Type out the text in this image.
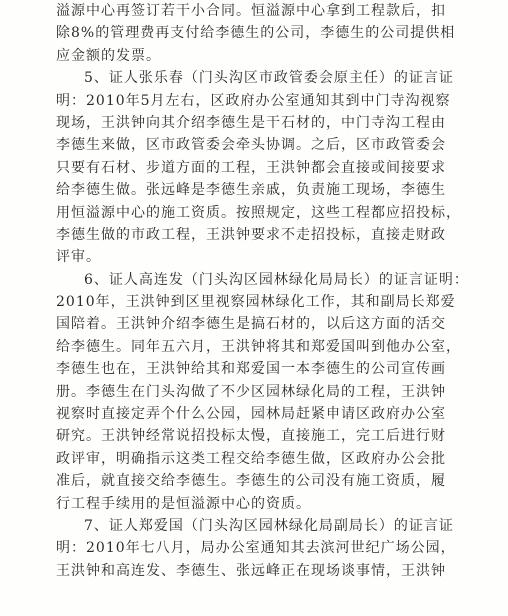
溢源中心再签订若干小合同。恒溢源中心拿到工程款后，扣
除8%的管理费再支付给李德生的公司，李德生的公司提供相
应金额的发票。
5、证人张乐春（门头沟区市政管委会原主任）的证言证
明：2010年5月左右，区政府办公室通知其到中门寺沟视察
现场，王洪钟向其介绍李德生是干石材的，中门寺沟工程由
李德生来做，区市政管委会牵头协调。之后，区市政管委会
只要有石材、步道方面的工程，王洪钟都会直接或间接要求
给李德生做。张远峰是李德生亲戚，负责施工现场，李德生
用恒溢源中心的施工资质。按照规定，这些工程都应招投标，
李德生做的市政工程，王洪钟要求不走招投标，直接走财政
评审。
6、证人高连发（门头沟区园林绿化局局长）的证言证明：
2010年，王洪钟到区里视察园林绿化工作，其和副局长郑爱
国陪着。王洪钟介绍李德生是搞石材的，以后这方面的活交
给李德生。同年五六月，王洪钟将其和郑爱国叫到他办公室，
李德生也在，王洪钟给其和郑爱国一本李德生的公司宣传画
册。李德生在门头沟做了不少区园林绿化局的工程，王洪钟
视察时直接定弄个什么公园，园林局赶紧申请区政府办公室
研究。王洪钟经常说招投标太慢，直接施工，完工后进行财
政评审，明确指示这类工程交给李德生做，区政府办公会批
准后，就直接交给李德生。李德生的公司没有施工资质，履
行工程手续用的是恒溢源中心的资质。
7、证人郑爱国（门头沟区园林绿化局副局长）的证言证
明：2010年七八月，局办公室通知其去滨河世纪广场公园，
王洪钟和高连发、李德生、张远峰正在现场谈事情，王洪钟
